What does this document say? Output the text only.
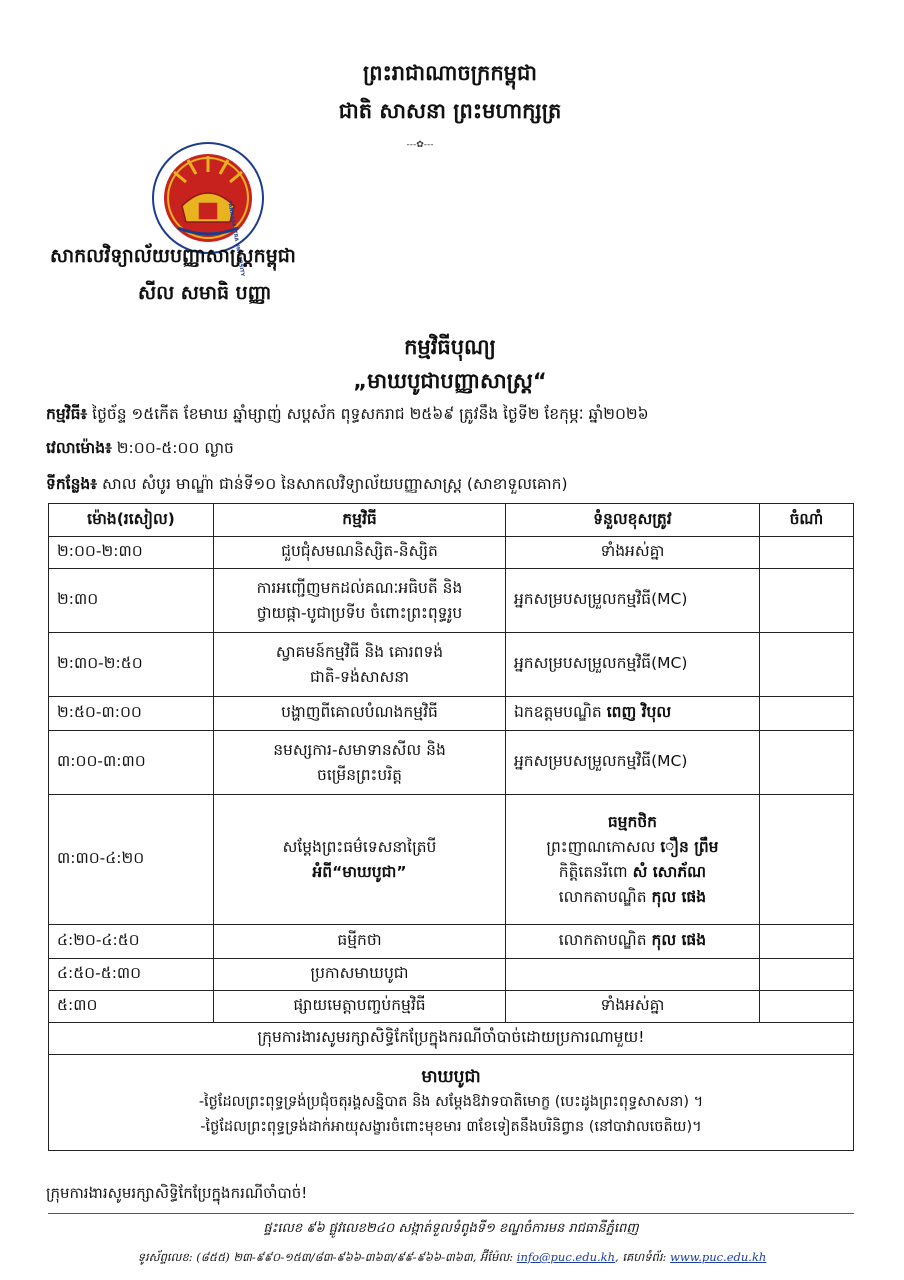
ព្រះរាជាណាចក្រកម្ពុជា
ជាតិ សាសនា ព្រះមហាក្សត្រ
---✿---
PANNASASTRA UNIVERSITY
សាកលវិទ្យាល័យបញ្ញាសាស្ត្រកម្ពុជា
សីល សមាធិ បញ្ញា
កម្មវិធីបុណ្យ
„មាឃបូជាបញ្ញាសាស្ត្រ“
កម្មវិធី៖ ថ្ងៃច័ន្ទ ១៥កើត ខែមាឃ ឆ្នាំម្សាញ់ សប្តស័ក ពុទ្ធសករាជ ២៥៦៩ ត្រូវនឹង ថ្ងៃទី២ ខែកុម្ភៈ ឆ្នាំ២០២៦
វេលាម៉ោង៖ ២:០០-៥:០០ ល្ងាច
ទីកន្លែង៖ សាល សំបូរ មាណ្ឌ៉ា ជាន់ទី១០ នៃសាកលវិទ្យាល័យបញ្ញាសាស្ត្រ (សាខាទួលគោក)
ម៉ោង(រសៀល)	កម្មវិធី	ទំនួលខុសត្រូវ	ចំណាំ
២:០០-២:៣០	ជួបជុំសមណនិស្សិត-និស្សិត	ទាំងអស់គ្នា	
២:៣០	ការអញ្ជើញមកដល់គណៈអធិបតី និង
ថ្វាយផ្កា-បូជាប្រទីប ចំពោះព្រះពុទ្ធរូប	អ្នកសម្របសម្រួលកម្មវិធី(MC)	
២:៣០-២:៥០	ស្វាគមន៍កម្មវិធី និង គោរពទង់
ជាតិ-ទង់សាសនា	អ្នកសម្របសម្រួលកម្មវិធី(MC)	
២:៥០-៣:០០	បង្ហាញពីគោលបំណងកម្មវិធី	ឯកឧត្តមបណ្ឌិត ពេញ វិបុល	
៣:០០-៣:៣០	នមស្សការ-សមាទានសីល និង
ចម្រើនព្រះបរិត្ត	អ្នកសម្របសម្រួលកម្មវិធី(MC)	
៣:៣០-៤:២០	សម្តែងព្រះធម៌ទេសនាត្រៃបី
អំពី“មាឃបូជា”	ធម្មកថិក
ព្រះញាណកោសល ឿន ព្រឹម
កិត្តិតេនរីពោ សំ សោភ័ណ
លោកតាបណ្ឌិត កុល ផេង	

៤:២០-៤:៥០	ធម្មីកថា	លោកតាបណ្ឌិត កុល ផេង	
៤:៥០-៥:៣០	ប្រកាសមាឃបូជា		
៥:៣០	ផ្សាយមេត្តាបញ្ចប់កម្មវិធី	ទាំងអស់គ្នា	
ក្រុមការងារសូមរក្សាសិទ្ធិកែប្រែក្នុងករណីចាំបាច់ដោយប្រការណាមួយ!			

មាឃបូជា
-ថ្ងៃដែលព្រះពុទ្ធទ្រង់ប្រជុំចតុរង្គសន្និបាត និង សម្តែងឱវាទបាតិមោក្ខ (បេះដូងព្រះពុទ្ធសាសនា) ។
-ថ្ងៃដែលព្រះពុទ្ធទ្រង់ដាក់អាយុសង្ខារចំពោះមុខមារ ៣ខែទៀតនឹងបរិនិព្វាន (នៅបាវាលចេតិយ)។			
ក្រុមការងារសូមរក្សាសិទ្ធិកែប្រែក្នុងករណីចាំបាច់!
ផ្ទះលេខ ៩៦ ផ្លូវលេខ២៤០ សង្កាត់ទួលទំពូងទី១ ខណ្ឌចំការមន រាជធានីភ្នំពេញ
ទូរស័ព្ទលេខ: (៨៥៥) ២៣-៩៩០-១៥៣/៨៣-៩៦៦-៣៦៣/៩៩-៩៦៦-៣៦៣, អ៊ីម៉ែល: info@puc.edu.kh, គេហទំព័រ: www.puc.edu.kh
